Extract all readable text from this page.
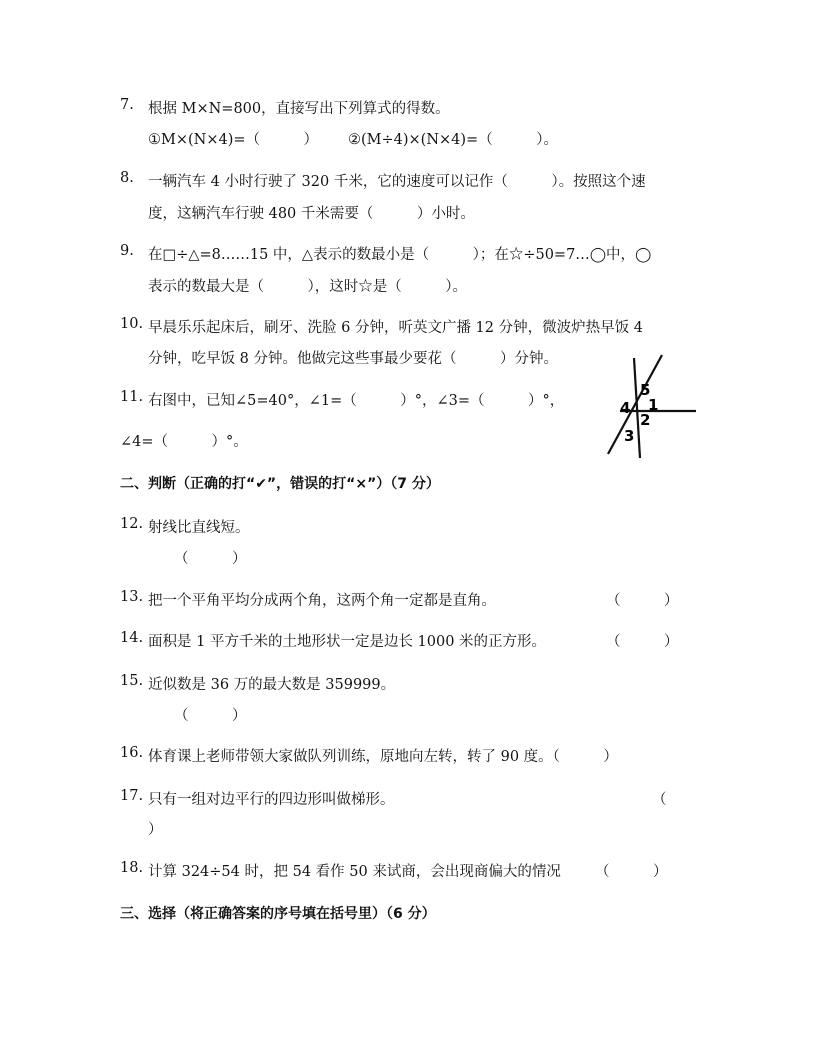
7. 根据 M×N=800，直接写出下列算式的得数。
①M×(N×4)=（　　　） ②(M÷4)×(N×4)=（　　　）。
8. 一辆汽车 4 小时行驶了 320 千米，它的速度可以记作（　　　）。按照这个速
度，这辆汽车行驶 480 千米需要（　　　）小时。
9. 在□÷△=8……15 中，△表示的数最小是（　　　）；在☆÷50=7…◯中，◯
表示的数最大是（　　　），这时☆是（　　　）。
10. 早晨乐乐起床后，刷牙、洗脸 6 分钟，听英文广播 12 分钟，微波炉热早饭 4
分钟，吃早饭 8 分钟。他做完这些事最少要花（　　　）分钟。
11. 右图中，已知∠5=40°，∠1=（　　　）°，∠3=（　　　）°，
∠4=（　　　）°。
5
1
4
2
3
二、判断（正确的打“✔”，错误的打“×”）（7 分）
12. 射线比直线短。
（　　　）
13. 把一个平角平均分成两个角，这两个角一定都是直角。	（　　　）
14. 面积是 1 平方千米的土地形状一定是边长 1000 米的正方形。	（　　　）
15. 近似数是 36 万的最大数是 359999。
（　　　）
16. 体育课上老师带领大家做队列训练，原地向左转，转了 90 度。（　　　）
17. 只有一组对边平行的四边形叫做梯形。	（
）
18. 计算 324÷54 时，把 54 看作 50 来试商，会出现商偏大的情况 （　　　）
三、选择（将正确答案的序号填在括号里）（6 分）
